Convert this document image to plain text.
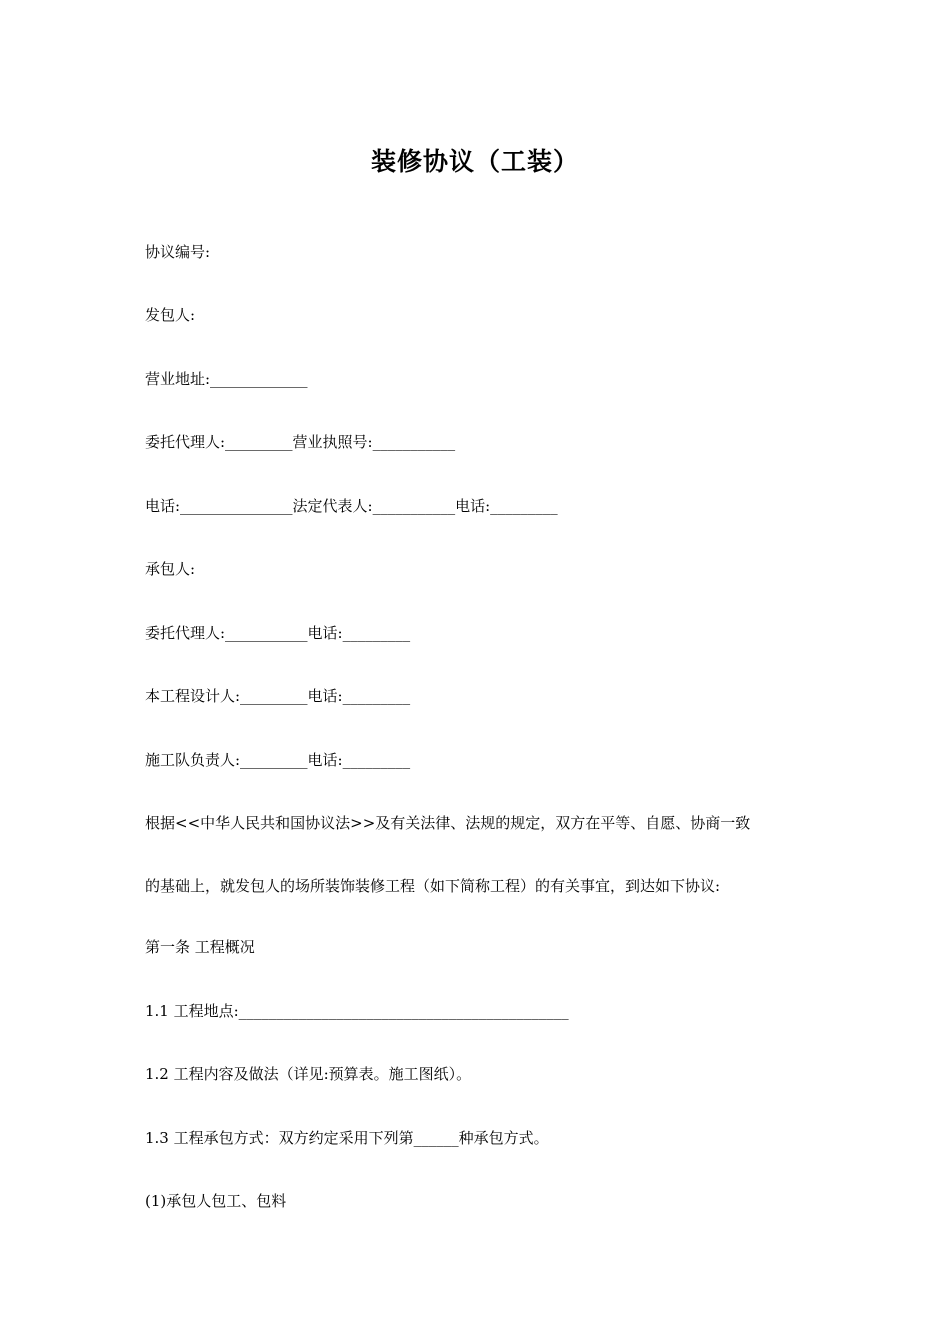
装修协议（工装）
协议编号:
发包人:
营业地址:_____________
委托代理人:_________营业执照号:___________
电话:_______________法定代表人:___________电话:_________
承包人:
委托代理人:___________电话:_________
本工程设计人:_________电话:_________
施工队负责人:_________电话:_________
根据<<中华人民共和国协议法>>及有关法律、法规的规定，双方在平等、自愿、协商一致
的基础上，就发包人的场所装饰装修工程（如下简称工程）的有关事宜，到达如下协议:
第一条 工程概况
1.1 工程地点:____________________________________________
1.2 工程内容及做法（详见:预算表。施工图纸）。
1.3 工程承包方式：双方约定采用下列第______种承包方式。
(1)承包人包工、包料
